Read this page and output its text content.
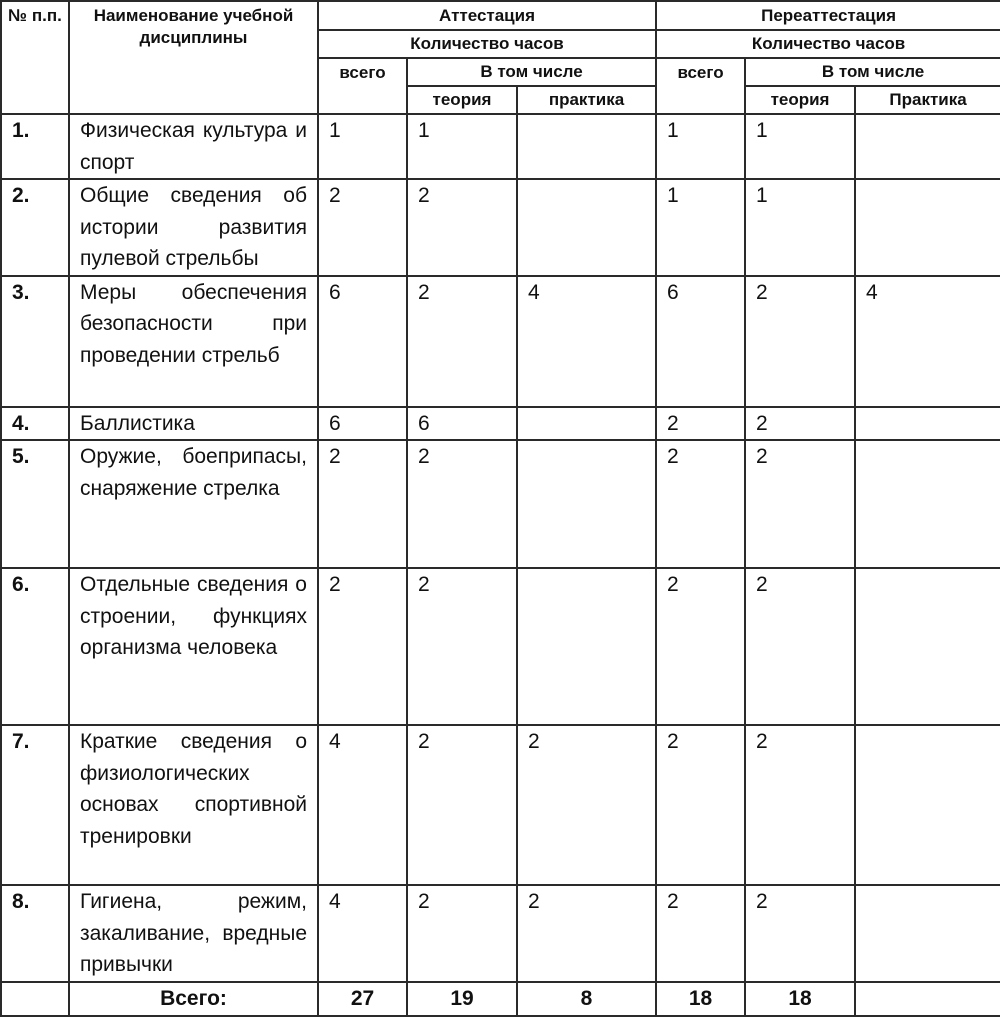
№ п.п.	Наименование учебной дисциплины	Аттестация			Переаттестация		
		Количество часов			Количество часов		
		всего	В том числе		всего	В том числе	
			теория	практика		теория	Практика
1.	Физическая культура и спорт	1	1		1	1	
2.	Общие сведения об истории развития пулевой стрельбы	2	2		1	1	
3.	Меры обеспечения безопасности при проведении стрельб	6	2	4	6	2	4
4.	Баллистика	6	6		2	2	
5.	Оружие, боеприпасы, снаряжение стрелка	2	2		2	2	
6.	Отдельные сведения о строении, функциях организма человека	2	2		2	2	
7.	Краткие сведения о физиологических основах спортивной тренировки	4	2	2	2	2	
8.	Гигиена, режим, закаливание, вредные привычки	4	2	2	2	2	
	Всего:	27	19	8	18	18	
